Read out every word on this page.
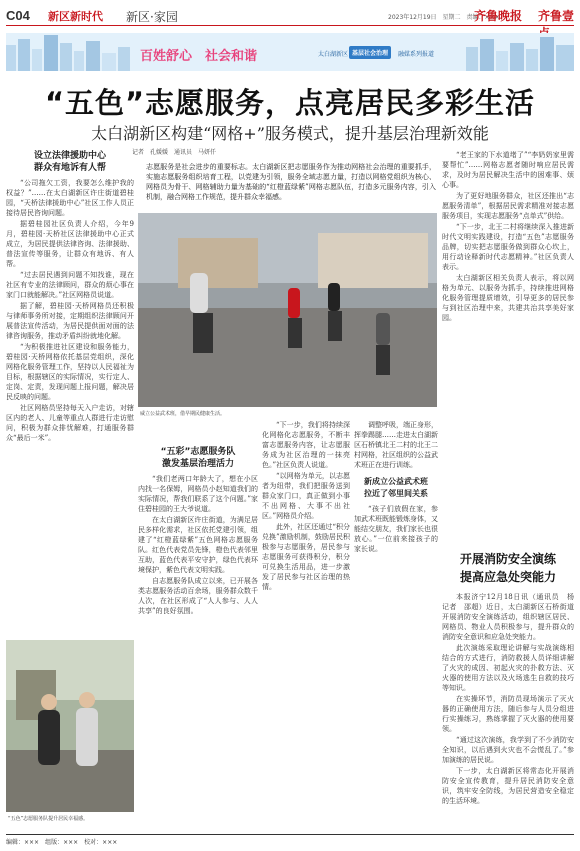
C04 新区新时代 新区·家园	2023年12月19日　星期二　责编：×××
齐鲁晚报 齐鲁壹
百姓舒心　社会和谐	太白湖新区 基层社会治理	融媒系列报道
“五色”志愿服务，点亮居民多彩生活
太白湖新区构建“网格+”服务模式，提升基层治理新效能
记者　孔媛媛　通讯员　马妍仟
志愿服务是社会进步的重要标志。太白湖新区把志愿服务作为推动网格社会治理的重要抓手，实施志愿服务组织培育工程，以党建为引领，服务全域志愿力量，打造以网格党组织为核心、网格员为骨干、网格辅助力量为基础的“红橙蓝绿紫”网格志愿队伍，打造多元服务内容，引入机制，融合网格工作规范，提升群众幸福感。
设立法律援助中心
群众有地诉有人帮

“公司拖欠工资，我要怎么维护我的权益？”……在太白湖新区许庄街道碧桂园，“天桥法律援助中心”社区工作人员正接待居民咨询问题。

据碧桂园社区负责人介绍，今年9月，碧桂园·天桥社区法律援助中心正式成立，为居民提供法律咨询、法律援助、普法宣传等服务，让群众有地诉、有人帮。

“过去居民遇到问题不知找谁，现在社区有专业的法律顾问，群众的烦心事在家门口就能解决。”社区网格员说道。

据了解，碧桂园·天桥网格员还积极与律师事务所对接，定期组织法律顾问开展普法宣传活动，为居民提供面对面的法律咨询服务，推动矛盾纠纷就地化解。

“为积极推进社区建设和服务能力，碧桂园·天桥网格依托基层党组织，深化网格化服务管理工作，坚持以人民福祉为目标，根据辖区的实际情况，实行定人、定岗、定责，发现问题上报问题，解决居民反映的问题。

社区网格员坚持每天入户走访，对辖区内的老人、儿童等重点人群进行走访慰问，积极为群众排忧解难，打通服务群众“最后一米”。

威立公益武术班，借早期民健康生活。
“五彩”志愿服务队
激发基层治理活力

“我们老两口年龄大了，想在小区内找一名保姆，网格员小赵知道我们的实际情况，帮我们联系了这个问题。”家住碧桂园的王大爷说道。

在太白湖新区许庄街道，为满足居民多样化需求，社区依托党建引领，组建了“红橙蓝绿紫”五色网格志愿服务队。红色代表党员先锋，橙色代表邻里互助，蓝色代表平安守护，绿色代表环境保护，紫色代表文明实践。

自志愿服务队成立以来，已开展各类志愿服务活动百余场，服务群众数千人次，在社区形成了“人人参与、人人共享”的良好氛围。

“下一步，我们将持续深化网格化志愿服务，不断丰富志愿服务内容，让志愿服务成为社区治理的一抹亮色。”社区负责人说道。

“以网格为单元，以志愿者为纽带，我们把服务送到群众家门口，真正做到小事不出网格、大事不出社区。”网格员介绍。

此外，社区还通过“积分兑换”激励机制，鼓励居民积极参与志愿服务，居民参与志愿服务可获得积分，积分可兑换生活用品，进一步激发了居民参与社区治理的热情。

调整呼吸，端正身形，挥拳踢腿……走进太白湖新区石桥镇北王二村的北王二村网格，社区组织的公益武术班正在进行训练。

新成立公益武术班
拉近了邻里间关系

“孩子们放假在家，参加武术班既能锻炼身体，又能结交朋友，我们家长也很放心。”一位前来接孩子的家长说。

“老王家的下水道堵了”“李奶奶家里需要帮忙”……网格志愿者随时响应居民需求，及时为居民解决生活中的困难事、烦心事。

为了更好地服务群众，社区还推出“志愿服务清单”，根据居民需求精准对接志愿服务项目，实现志愿服务“点单式”供给。

“下一步，北王二村将继续深入推进新时代文明实践建设，打造“五色”志愿服务品牌，切实把志愿服务做到群众心坎上，用行动诠释新时代志愿精神。”社区负责人表示。

太白湖新区相关负责人表示，将以网格为单元、以服务为抓手，持续推进网格化服务管理提质增效，引导更多的居民参与到社区治理中来，共建共治共享美好家园。

“五色”志愿服务队提升居民幸福感。
开展消防安全演练
提高应急处突能力

本报济宁12月18日讯（通讯员　杨　　记者　邵超）近日，太白湖新区石桥街道开展消防安全演练活动，组织辖区居民、网格员、物业人员积极参与，提升群众的消防安全意识和应急处突能力。

此次演练采取理论讲解与实战演练相结合的方式进行，消防救援人员详细讲解了火灾的成因、初起火灾的扑救方法、灭火器的使用方法以及火场逃生自救的技巧等知识。

在实操环节，消防员现场演示了灭火器的正确使用方法，随后参与人员分组进行实操练习，熟练掌握了灭火器的使用要领。

“通过这次演练，我学到了不少消防安全知识，以后遇到火灾也不会慌乱了。”参加演练的居民说。

下一步，太白湖新区将常态化开展消防安全宣传教育，提升居民消防安全意识，筑牢安全防线，为居民营造安全稳定的生活环境。

编辑：×××　组版：×××　校对：×××
